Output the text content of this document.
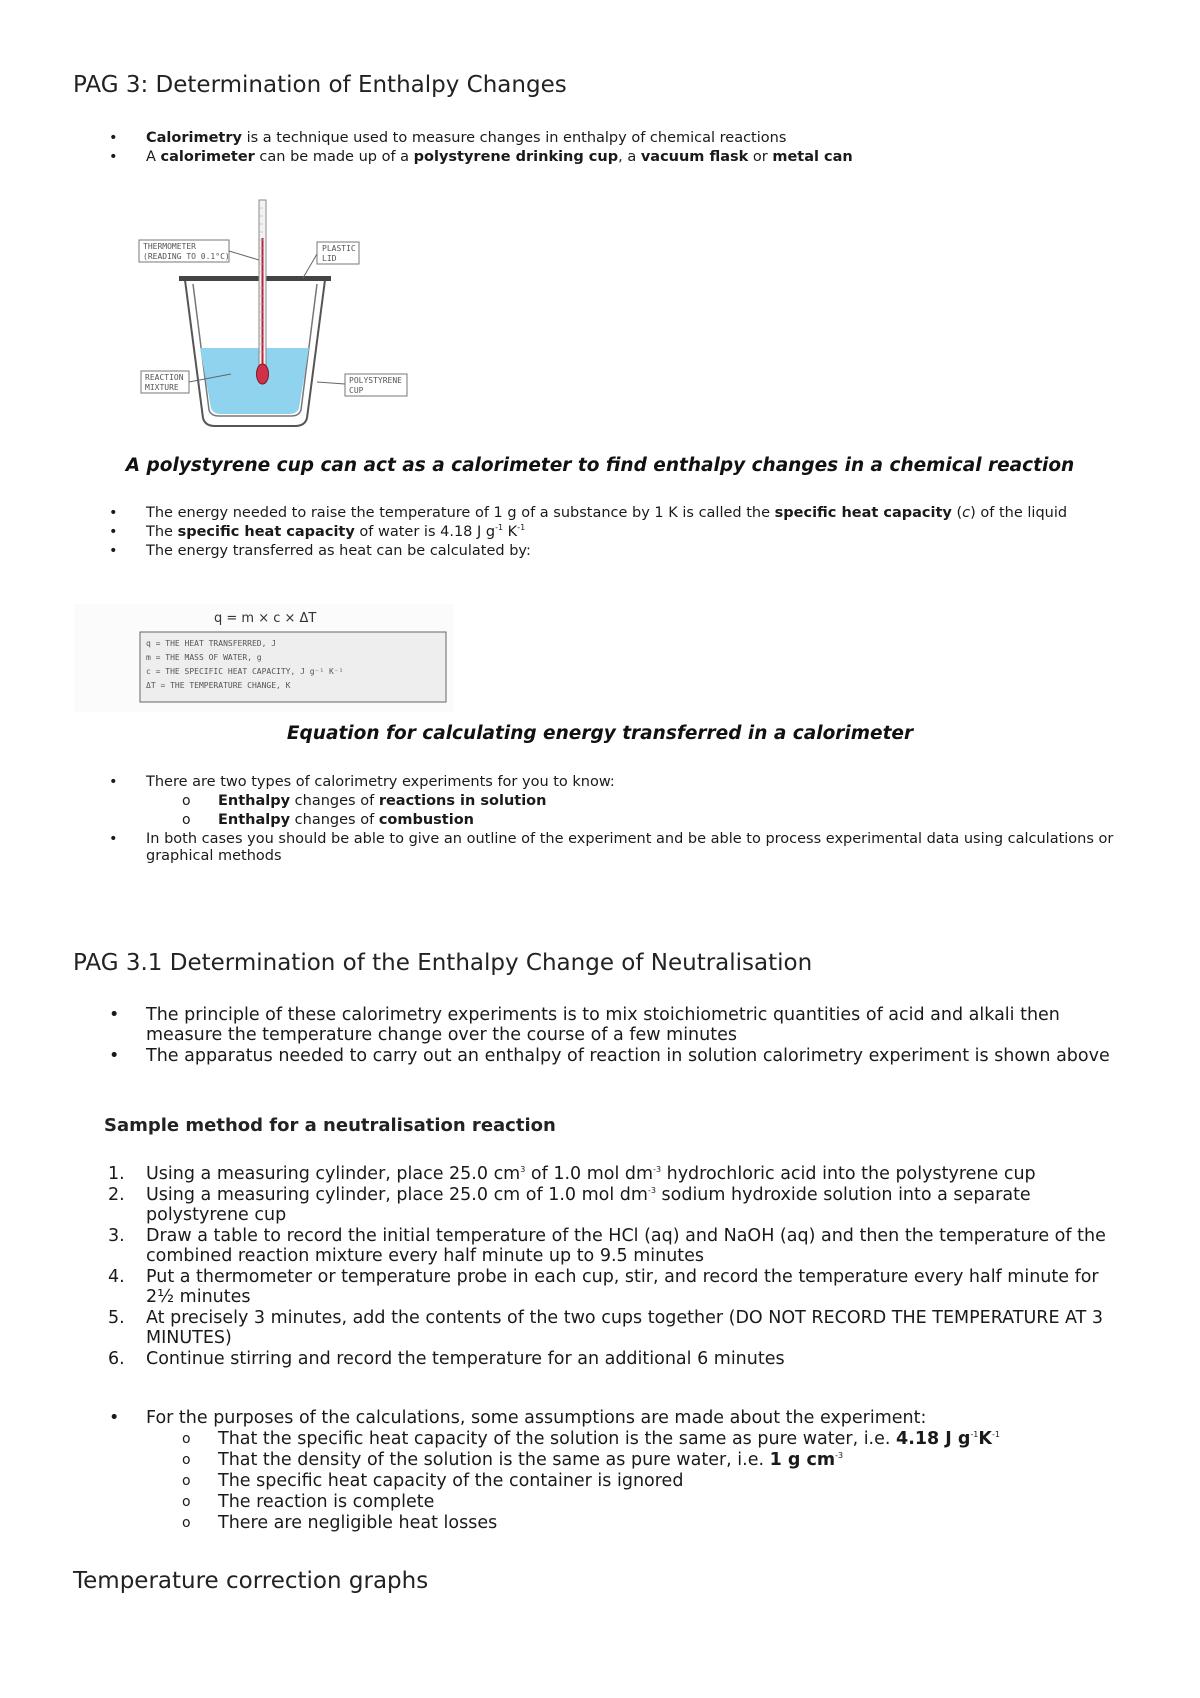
PAG 3: Determination of Enthalpy Changes
• Calorimetry is a technique used to measure changes in enthalpy of chemical reactions
• A calorimeter can be made up of a polystyrene drinking cup, a vacuum flask or metal can
THERMOMETER
(READING TO 0.1°C)
PLASTIC
LID
REACTION
MIXTURE
POLYSTYRENE
CUP

A polystyrene cup can act as a calorimeter to find enthalpy changes in a chemical reaction

• The energy needed to raise the temperature of 1 g of a substance by 1 K is called the specific heat capacity (c) of the liquid
• The specific heat capacity of water is 4.18 J $g^{-1}$ $K^{-1}$
• The energy transferred as heat can be calculated by:
q = m × c × ΔT
q = THE HEAT TRANSFERRED, J
m = THE MASS OF WATER, g
c = THE SPECIFIC HEAT CAPACITY, J g⁻¹ K⁻¹
ΔT = THE TEMPERATURE CHANGE, K

Equation for calculating energy transferred in a calorimeter

• There are two types of calorimetry experiments for you to know:
o Enthalpy changes of reactions in solution
o Enthalpy changes of combustion
• In both cases you should be able to give an outline of the experiment and be able to process experimental data using calculations or graphical methods
PAG 3.1 Determination of the Enthalpy Change of Neutralisation
• The principle of these calorimetry experiments is to mix stoichiometric quantities of acid and alkali then measure the temperature change over the course of a few minutes
• The apparatus needed to carry out an enthalpy of reaction in solution calorimetry experiment is shown above
Sample method for a neutralisation reaction
1. Using a measuring cylinder, place 25.0 $cm^3$ of 1.0 mol $dm^{-3}$ hydrochloric acid into the polystyrene cup
2. Using a measuring cylinder, place 25.0 cm of 1.0 mol $dm^{-3}$ sodium hydroxide solution into a separate polystyrene cup
3. Draw a table to record the initial temperature of the HCl (aq) and NaOH (aq) and then the temperature of the combined reaction mixture every half minute up to 9.5 minutes
4. Put a thermometer or temperature probe in each cup, stir, and record the temperature every half minute for 2½ minutes
5. At precisely 3 minutes, add the contents of the two cups together (DO NOT RECORD THE TEMPERATURE AT 3 MINUTES)
6. Continue stirring and record the temperature for an additional 6 minutes
• For the purposes of the calculations, some assumptions are made about the experiment:
o That the specific heat capacity of the solution is the same as pure water, i.e. 4.18 J $g^{-1}K^{-1}$
o That the density of the solution is the same as pure water, i.e. 1 g $cm^{-3}$
o The specific heat capacity of the container is ignored
o The reaction is complete
o There are negligible heat losses
Temperature correction graphs
